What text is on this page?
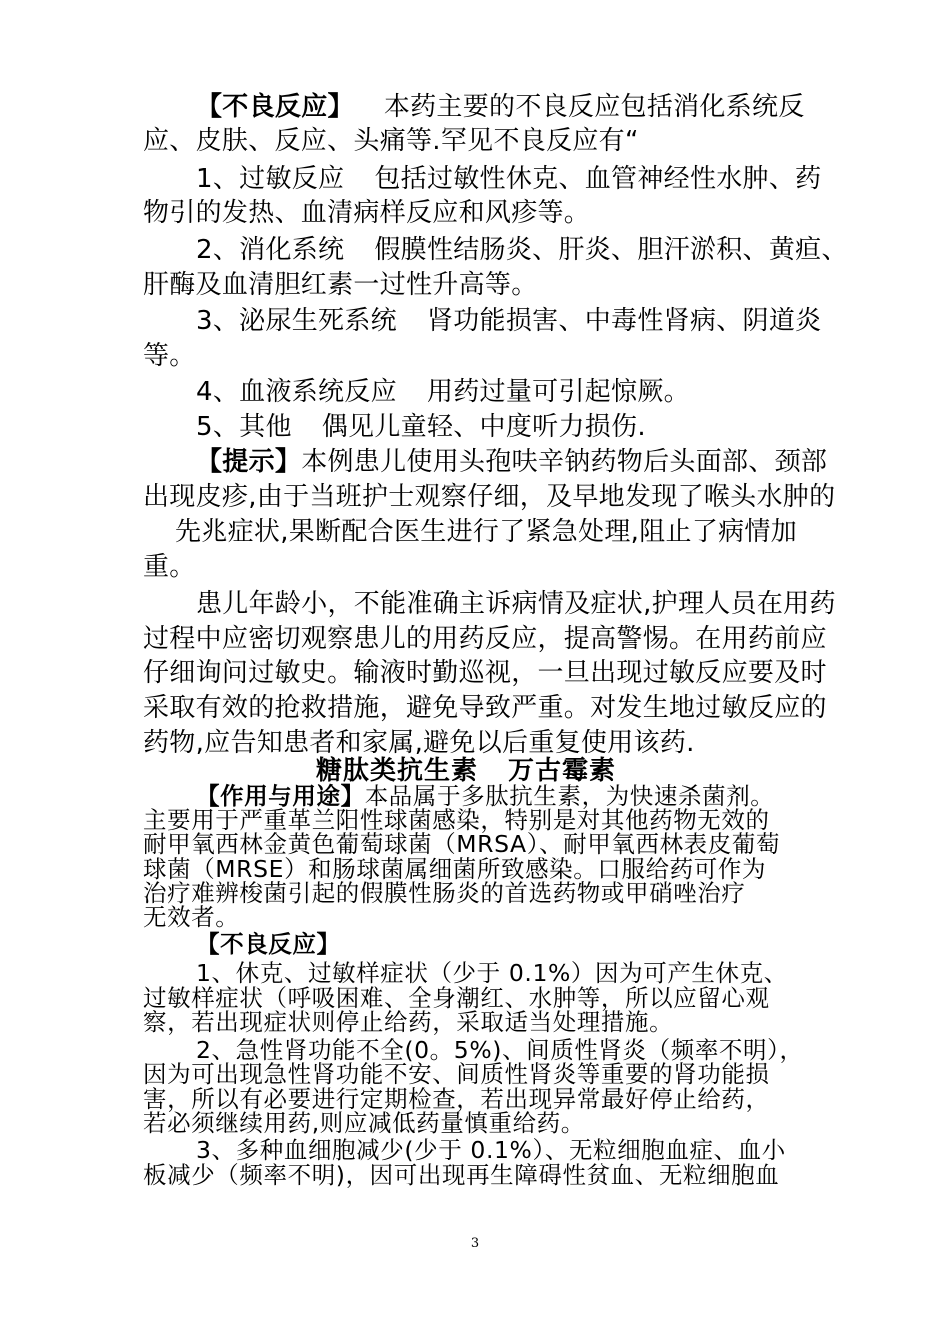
【不良反应】 本药主要的不良反应包括消化系统反

应、皮肤、反应、头痛等.罕见不良反应有“

1、过敏反应 包括过敏性休克、血管神经性水肿、药

物引的发热、血清病样反应和风疹等。

2、消化系统 假膜性结肠炎、肝炎、胆汗淤积、黄疸、

肝酶及血清胆红素一过性升高等。

3、泌尿生死系统 肾功能损害、中毒性肾病、阴道炎

等。

4、血液系统反应 用药过量可引起惊厥。

5、其他 偶见儿童轻、中度听力损伤.

【提示】本例患儿使用头孢呋辛钠药物后头面部、颈部

出现皮疹,由于当班护士观察仔细，及早地发现了喉头水肿的

先兆症状,果断配合医生进行了紧急处理,阻止了病情加

重。

患儿年龄小，不能准确主诉病情及症状,护理人员在用药

过程中应密切观察患儿的用药反应，提高警惕。在用药前应

仔细询问过敏史。输液时勤巡视，一旦出现过敏反应要及时

采取有效的抢救措施，避免导致严重。对发生地过敏反应的

药物,应告知患者和家属,避免以后重复使用该药.

糖肽类抗生素 万古霉素

【作用与用途】本品属于多肽抗生素，为快速杀菌剂。

主要用于严重革兰阳性球菌感染，特别是对其他药物无效的

耐甲氧西林金黄色葡萄球菌（MRSA）、耐甲氧西林表皮葡萄

球菌（MRSE）和肠球菌属细菌所致感染。口服给药可作为

治疗难辨梭菌引起的假膜性肠炎的首选药物或甲硝唑治疗

无效者。

【不良反应】

1、休克、过敏样症状（少于 0.1%）因为可产生休克、

过敏样症状（呼吸困难、全身潮红、水肿等，所以应留心观

察，若出现症状则停止给药，采取适当处理措施。

2、急性肾功能不全(0。5%)、间质性肾炎（频率不明），

因为可出现急性肾功能不安、间质性肾炎等重要的肾功能损

害，所以有必要进行定期检查，若出现异常最好停止给药，

若必须继续用药,则应减低药量慎重给药。

3、多种血细胞减少(少于 0.1%）、无粒细胞血症、血小

板减少（频率不明)，因可出现再生障碍性贫血、无粒细胞血

3
